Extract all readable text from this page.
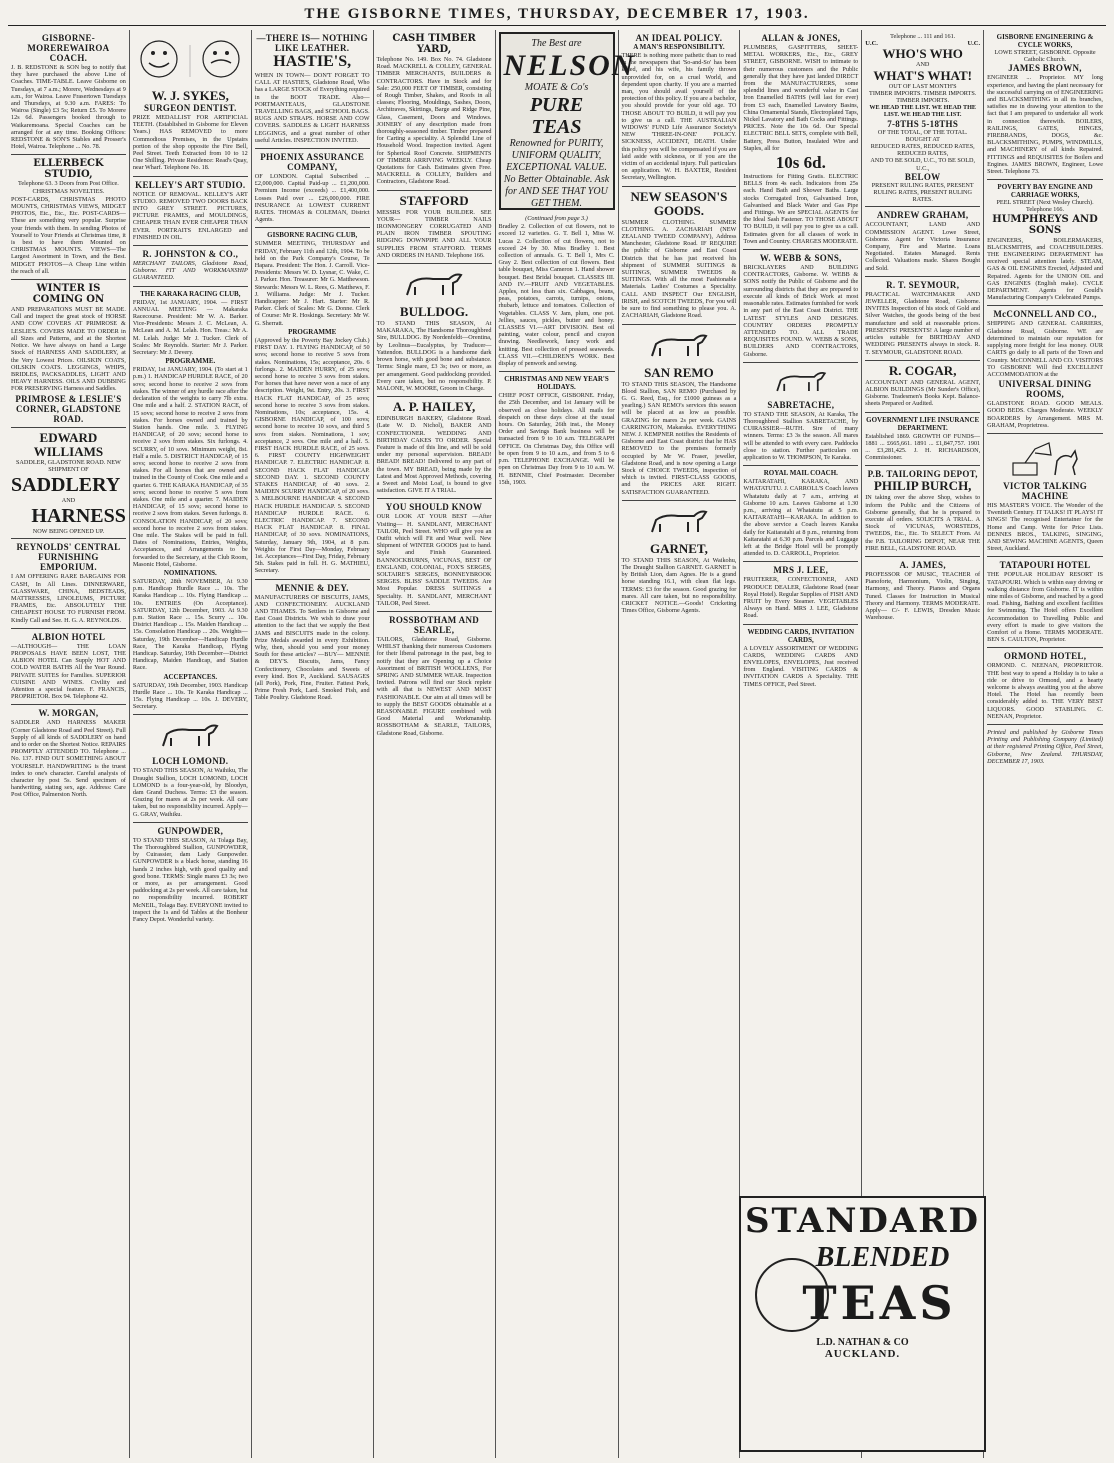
THE GISBORNE TIMES, THURSDAY, DECEMBER 17, 1903.
GISBORNE-MOREREWAIROA COACH.
J. B. REDSTONE & SON beg to notify that they have purchased the above Line of Coaches. TIME-TABLE. Leave Gisborne on Tuesdays, at 7 a.m.; Morere, Wednesdays at 9 a.m., for Wairoa. Leave Frasertown Tuesdays and Thursdays, at 9.30 a.m. FARES: To Wairoa (Single) £3 5s; Return £5. To Morere 12s 6d. Passengers booked through to Waikaremoana. Special Coaches can be arranged for at any time. Booking Offices: REDSTONE & SON'S Stables and Prosser's Hotel, Wairoa. Telephone ... No. 78.
ELLERBECK STUDIO,
Telephone 63. 3 Doors from Post Office. CHRISTMAS NOVELTIES.
POST-CARDS, CHRISTMAS PHOTO MOUNTS, CHRISTMAS VIEWS, MIDGET PHOTOS, Etc., Etc., Etc. POST-CARDS—These are something very popular. Surprise your friends with them. In sending Photos of Yourself to Your Friends at Christmas time, it is best to have them Mounted on CHRISTMAS MOUNTS. VIEWS—The Largest Assortment in Town, and the Best. MIDGET PHOTOS—A Cheap Line within the reach of all.
WINTER IS COMING ON
AND PREPARATIONS MUST BE MADE. Call and inspect the great stock of HORSE AND COW COVERS AT PRIMROSE & LESLIE'S. COVERS MADE TO ORDER in all Sizes and Patterns, and at the Shortest Notice. We have always on hand a Large Stock of HARNESS AND SADDLERY, at the Very Lowest Prices. OILSKIN COATS, OILSKIN COATS. LEGGINGS, WHIPS, BRIDLES, PACKSADDLES, LIGHT AND HEAVY HARNESS. OILS AND DUBBING FOR PRESERVING Harness and Saddles.
PRIMROSE & LESLIE'S CORNER, GLADSTONE ROAD.
EDWARD WILLIAMS
SADDLER, GLADSTONE ROAD. NEW SHIPMENT OF
SADDLERY
AND
HARNESS
NOW BEING OPENED UP.
REYNOLDS' CENTRAL FURNISHING EMPORIUM.
I AM OFFERING RARE BARGAINS FOR CASH, In All Lines. DINNERWARE, GLASSWARE, CHINA, BEDSTEADS, MATTRESSES, LINOLEUMS, PICTURE FRAMES, Etc. ABSOLUTELY THE CHEAPEST HOUSE TO FURNISH FROM. Kindly Call and See. H. G. A. REYNOLDS.
ALBION HOTEL
—ALTHOUGH— THE LOAN PROPOSALS HAVE BEEN LOST, THE ALBION HOTEL Can Supply HOT AND COLD WATER BATHS All the Year Round. PRIVATE SUITES for Families. SUPERIOR CUISINE AND WINES. Civility and Attention a special feature. F. FRANCIS, PROPRIETOR. Box 94. Telephone 42.
W. MORGAN,
SADDLER AND HARNESS MAKER (Corner Gladstone Road and Peel Street). Full Supply of all kinds of SADDLERY on hand and to order on the Shortest Notice. REPAIRS PROMPTLY ATTENDED TO. Telephone ... No. 137. FIND OUT SOMETHING ABOUT YOURSELF. HANDWRITING is the truest index to one's character. Careful analysis of character by post 5s. Send specimen of handwriting, stating sex, age. Address: Care Post Office, Palmerston North.
W. J. SYKES,
SURGEON DENTIST.
PRIZE MEDALLIST FOR ARTIFICIAL TEETH. (Established in Gisborne for Eleven Years.) HAS REMOVED to more Commodious Premises, in the Upstairs portion of the shop opposite the Fire Bell, Peel Street. Teeth Extracted from 10 to 12 One Shilling. Private Residence: Read's Quay, near Wharf. Telephone No. 18.
KELLEY'S ART STUDIO.
NOTICE OF REMOVAL. KELLEY'S ART STUDIO. REMOVED TWO DOORS BACK INTO GREY STREET. PICTURES, PICTURE FRAMES, and MOULDINGS, CHEAPER THAN EVER CHEAPER THAN EVER. PORTRAITS ENLARGED and FINISHED IN OIL.
R. JOHNSTON & CO.,
MERCHANT TAILORS, Gladstone Road, Gisborne. FIT AND WORKMANSHIP GUARANTEED.
THE KARAKA RACING CLUB,
FRIDAY, 1st JANUARY, 1904. — FIRST ANNUAL MEETING — Makaraka Racecourse. President: Mr W. A. Barker. Vice-Presidents: Messrs J. C. McLean, A. McLean and A. M. Lelah. Hon. Treas.: Mr A. M. Lelah. Judge: Mr J. Tucker. Clerk of Scales: Mr Reynolds. Starter: Mr J. Parker. Secretary: Mr J. Devery.
PROGRAMME.
FRIDAY, 1st JANUARY, 1904. (To start at 1 p.m.) 1. HANDICAP HURDLE RACE, of 20 sovs; second horse to receive 2 sovs from stakes. The winner of any hurdle race after the declaration of the weights to carry 7lb extra. One mile and a half. 2. STATION RACE, of 15 sovs; second horse to receive 2 sovs from stakes. For horses owned and trained by Station hands. One mile. 3. FLYING HANDICAP, of 20 sovs; second horse to receive 2 sovs from stakes. Six furlongs. 4. SCURRY, of 10 sovs. Minimum weight, 8st. Half a mile. 5. DISTRICT HANDICAP, of 15 sovs; second horse to receive 2 sovs from stakes. For all horses that are owned and trained in the County of Cook. One mile and a quarter. 6. THE KARAKA HANDICAP, of 35 sovs; second horse to receive 5 sovs from stakes. One mile and a quarter. 7. MAIDEN HANDICAP, of 15 sovs; second horse to receive 2 sovs from stakes. Seven furlongs. 8. CONSOLATION HANDICAP, of 20 sovs; second horse to receive 2 sovs from stakes. One mile. The Stakes will be paid in full. Dates of Nominations, Entries, Weights, Acceptances, and Arrangements to be forwarded to the Secretary, at the Club Room, Masonic Hotel, Gisborne.
NOMINATIONS.
SATURDAY, 28th NOVEMBER, At 9.30 p.m. Handicap Hurdle Race ... 10s. The Karaka Handicap ... 10s. Flying Handicap ... 10s. ENTRIES (On Acceptance). SATURDAY, 12th December, 1903. At 9.30 p.m. Station Race ... 15s. Scurry ... 10s. District Handicap ... 15s. Maiden Handicap ... 15s. Consolation Handicap ... 20s. Weights—Saturday, 19th December—Handicap Hurdle Race, The Karaka Handicap, Flying Handicap. Saturday, 19th December—District Handicap, Maiden Handicap, and Station Race.
ACCEPTANCES.
SATURDAY, 19th December, 1903. Handicap Hurdle Race ... 10s. Te Karaka Handicap ... 15s. Flying Handicap ... 10s. J. DEVERY, Secretary.
LOCH LOMOND.
TO STAND THIS SEASON, At Waihiku, The Draught Stallion, LOCH LOMOND, LOCH LOMOND is a four-year-old, by Bloodyn, dam Grand Duchess. Terms: £3 the season. Grazing for mares at 2s per week. All care taken, but no responsibility incurred. Apply— G. GRAY, Waihiku.
GUNPOWDER,
TO STAND THIS SEASON, At Tolaga Bay, The Thoroughbred Stallion, GUNPOWDER, by Cuirassier, dam Lady Gunpowder. GUNPOWDER is a black horse, standing 16 hands 2 inches high, with good quality and good bone. TERMS: Single mares £3 3s; two or more, as per arrangement. Good paddocking at 2s per week. All care taken, but no responsibility incurred. ROBERT McNEIL, Tolaga Bay. EVERYONE invited to inspect the 1s and 6d Tables at the Bonheur Fancy Depot. Wonderful variety.
—THERE IS— NOTHING LIKE LEATHER.
HASTIE'S,
WHEN IN TOWN— DON'T FORGET TO CALL AT HASTIE'S, Gladstone Road, Who has a LARGE STOCK of Everything required in the BOOT TRADE. Also— PORTMANTEAUS, GLADSTONE TRAVELLING BAGS, and SCHOOL BAGS. RUGS AND STRAPS. HORSE AND COW COVERS. SADDLES & LIGHT HARNESS LEGGINGS, and a great number of other useful Articles. INSPECTION INVITED.
PHOENIX ASSURANCE COMPANY,
OF LONDON. Capital Subscribed ... £2,000,000. Capital Paid-up ... £1,200,000. Premium Income (exceeds) ... £1,400,000. Losses Paid over ... £26,000,000. FIRE INSURANCE At LOWEST CURRENT RATES. THOMAS & COLEMAN, District Agents.
GISBORNE RACING CLUB,
SUMMER MEETING, THURSDAY and FRIDAY, February 11th and 12th, 1904. To be held on the Park Company's Course, Te Hapara. President: The Hon. J. Carroll. Vice-Presidents: Messrs W. D. Lysnar, C. Wake, C. J. Parker. Hon. Treasurer: Mr G. Matthewson. Stewards: Messrs W. L. Rees, G. Matthews, F. J. Williams. Judge: Mr J. Tucker. Handicapper: Mr J. Hart. Starter: Mr R. Parker. Clerk of Scales: Mr G. Donne. Clerk of Course: Mr R. Hoskings. Secretary: Mr W. G. Sherratt.
PROGRAMME
(Approved by the Poverty Bay Jockey Club.) FIRST DAY. 1. FLYING HANDICAP, of 50 sovs; second horse to receive 5 sovs from stakes. Nominations, 15s; acceptance, 20s. 6 furlongs. 2. MAIDEN HURRY, of 25 sovs; second horse to receive 3 sovs from stakes. For horses that have never won a race of any description. Weight, 9st. Entry, 20s. 3. FIRST HACK FLAT HANDICAP, of 25 sovs; second horse to receive 3 sovs from stakes. Nominations, 10s; acceptance, 15s. 4. GISBORNE HANDICAP, of 100 sovs; second horse to receive 10 sovs, and third 5 sovs from stakes. Nominations, 1 sov; acceptance, 2 sovs. One mile and a half. 5. FIRST HACK HURDLE RACE, of 25 sovs. 6. FIRST COUNTY HIGHWEIGHT HANDICAP. 7. ELECTRIC HANDICAP. 8. SECOND HACK FLAT HANDICAP. SECOND DAY. 1. SECOND COUNTY STAKES HANDICAP, of 40 sovs. 2. MAIDEN SCURRY HANDICAP, of 20 sovs. 3. MELBOURNE HANDICAP. 4. SECOND HACK HURDLE HANDICAP. 5. SECOND HANDICAP HURDLE RACE. 6. ELECTRIC HANDICAP. 7. SECOND HACK FLAT HANDICAP. 8. FINAL HANDICAP, of 30 sovs. NOMINATIONS, Saturday, January 9th, 1904, at 8 p.m. Weights for First Day—Monday, February 1st. Acceptances—First Day, Friday, February 5th. Stakes paid in full. H. G. MATHIEU, Secretary.
MENNIE & DEY.
MANUFACTURERS OF BISCUITS, JAMS, AND CONFECTIONERY. AUCKLAND AND THAMES. To Settlers in Gisborne and East Coast Districts. We wish to draw your attention to the fact that we supply the Best JAMS and BISCUITS made in the colony. Prize Medals awarded in every Exhibition. Why, then, should you send your money South for these articles? —BUY— MENNIE & DEY'S. Biscuits, Jams, Fancy Confectionery, Chocolates and Sweets of every kind. Box P., Auckland. SAUSAGES (all Pork), Pork, Fine, Fruiter. Fattest Pork, Prime Fresh Pork, Lard. Smoked Fish, and Table Poultry. Gladstone Road.
CASH TIMBER YARD,
Telephone No. 149. Box No. 74. Gladstone Road. MACKRELL & COLLEY, GENERAL TIMBER MERCHANTS, BUILDERS & CONTRACTORS. Have in Stock and for Sale: 250,000 FEET OF TIMBER, consisting of Rough Timber, Shakes, and Roofs in all classes; Flooring, Mouldings, Sashes, Doors, Architraves, Skirtings, Barge and Ridge Pine, Glass, Casement, Doors and Windows. JOINERY of any description made from thoroughly-seasoned timber. Timber prepared for Carting a speciality. A Splendid Line of Household Wood. Inspection invited. Agent for Spherical Roof Concrete. SHIPMENTS OF TIMBER ARRIVING WEEKLY. Cheap Quotations for Cash. Estimates given Free. MACKRELL & COLLEY, Builders and Contractors, Gladstone Road.
STAFFORD
MESSRS FOR YOUR BUILDER. SEE YOUR— TIMBER NAILS IRONMONGERY CORRUGATED AND PLAIN IRON TIMBER SPOUTING RIDGING DOWNPIPE AND ALL YOUR SUPPLIES FROM STAFFORD. TERMS AND ORDERS IN HAND. Telephone 166.
BULLDOG.
TO STAND THIS SEASON, At MAKARAKA, The Handsome Thoroughbred Sire, BULLDOG. By Nordenfeldt—Orentina, by Leolinus—Eucalyptus, by Traducer—Yattendon. BULLDOG is a handsome dark brown horse, with good bone and substance. Terms: Single mare, £3 3s; two or more, as per arrangement. Good paddocking provided. Every care taken, but no responsibility. P. MALONE, W. MOORE, Groom in Charge.
A. P. HAILEY,
EDINBURGH BAKERY, Gladstone Road. (Late W. D. Nichol), BAKER AND CONFECTIONER. WEDDING AND BIRTHDAY CAKES TO ORDER. Special Feature is made of this line, and will be sold under my personal supervision. BREAD! BREAD! BREAD! Delivered to any part of the town. MY BREAD, being made by the Latest and Most Approved Methods, covering a Sweet and Moist Loaf, is bound to give satisfaction. GIVE IT A TRIAL.
YOU SHOULD KNOW
OUR LOOK AT YOUR BEST —After Visiting— H. SANDLANT, MERCHANT TAILOR, Peel Street. WHO will give you an Outfit which will Fit and Wear well. New Shipment of WINTER GOODS just to hand. Style and Finish Guaranteed. BANNOCKBURNS, VICUNAS, BEST OF ENGLAND, COLONIAL, FOX'S SERGES, SOLTAIRE'S SERGES, BONNEYBROOK SERGES. BLISS' SADDLE TWEEDS. Are Most Popular. DRESS SUITINGS a Speciality. H. SANDLANT, MERCHANT TAILOR, Peel Street.
ROSSBOTHAM AND SEARLE,
TAILORS, Gladstone Road, Gisborne. WHILST thanking their numerous Customers for their liberal patronage in the past, beg to notify that they are Opening up a Choice Assortment of BRITISH WOOLLENS, For SPRING AND SUMMER WEAR. Inspection Invited. Patrons will find our Stock replete with all that is NEWEST AND MOST FASHIONABLE. Our aim at all times will be to supply the BEST GOODS obtainable at a REASONABLE FIGURE combined with Good Material and Workmanship. ROSSBOTHAM & SEARLE, TAILORS, Gladstone Road, Gisborne.
The Best are
NELSON
MOATE & Co's
PURE TEAS
Renowned for PURITY, UNIFORM QUALITY, EXCEPTIONAL VALUE. No Better Obtainable. Ask for AND SEE THAT YOU GET THEM.
(Continued from page 3.)
Bradley 2. Collection of cut flowers, not to exceed 12 varieties. G. T. Bell 1, Miss W. Lucas 2. Collection of cut flowers, not to exceed 24 by 30. Miss Bradley 1. Best collection of annuals. G. T. Bell 1, Mrs C. Gray 2. Best collection of cut flowers. Best table bouquet, Miss Cameron 1. Hand shower bouquet. Best Bridal bouquet. CLASSES III. AND IV.—FRUIT AND VEGETABLES. Apples, not less than six. Cabbages, beans, peas, potatoes, carrots, turnips, onions, rhubarb, lettuce and tomatoes. Collection of Vegetables. CLASS V. Jam, plum, one pot. Jellies, sauces, pickles, butter and honey. CLASSES VI.—ART DIVISION. Best oil painting, water colour, pencil and crayon drawing. Needlework, fancy work and knitting. Best collection of pressed seaweeds. CLASS VII.—CHILDREN'S WORK. Best display of penwork and sewing.
CHRISTMAS AND NEW YEAR'S HOLIDAYS.
CHIEF POST OFFICE, GISBORNE. Friday, the 25th December, and 1st January will be observed as close holidays. All mails for despatch on these days close at the usual hours. On Saturday, 26th inst., the Money Order and Savings Bank business will be transacted from 9 to 10 a.m. TELEGRAPH OFFICE. On Christmas Day, this Office will be open from 9 to 10 a.m., and from 5 to 6 p.m. TELEPHONE EXCHANGE. Will be open on Christmas Day from 9 to 10 a.m. W. H. BENNIE, Chief Postmaster. December 15th, 1903.
AN IDEAL POLICY.
A MAN'S RESPONSIBILITY.
THERE is nothing more pathetic than to read in the newspapers that 'So-and-So' has been killed, and his wife, his family thrown unprovided for, on a cruel World, and dependent upon charity. If you are a married man, you should avail yourself of the protection of this policy. If you are a bachelor, you should provide for your old age. TO THOSE ABOUT TO BUILD, it will pay you to give us a call. THE AUSTRALIAN WIDOWS' FUND Life Assurance Society's NEW 'THREE-IN-ONE' POLICY. SICKNESS, ACCIDENT, DEATH. Under this policy you will be compensated if you are laid aside with sickness, or if you are the victim of an accidental injury. Full particulars on application. W. H. BAXTER, Resident Secretary, Wellington.
NEW SEASON'S GOODS.
SUMMER CLOTHING. SUMMER CLOTHING. A. ZACHARIAH (NEW ZEALAND TWEED COMPANY), Address Manchester, Gladstone Road. IF REQUIRE the public of Gisborne and East Coast Districts that he has just received his shipment of SUMMER SUITINGS & SUITINGS, SUMMER TWEEDS & SUITINGS. With all the most Fashionable Materials. Ladies' Costumes a Speciality. CALL AND INSPECT Our ENGLISH, IRISH, and SCOTCH TWEEDS, For you will be sure to find something to please you. A. ZACHARIAH, Gladstone Road.
SAN REMO
TO STAND THIS SEASON, The Handsome Blood Stallion, SAN REMO (Purchased by G. G. Reed, Esq., for £1000 guineas as a yearling.) SAN REMO's services this season will be placed at as low as possible. GRAZING for mares 2s per week. GAINS CARRINGTON, Makaraka. EVERYTHING NEW. J. KEMPNER notifies the Residents of Gisborne and East Coast district that he HAS REMOVED to the premises formerly occupied by Mr W. Fraser, jeweller, Gladstone Road, and is now opening a Large Stock of CHOICE TWEEDS, inspection of which is invited. FIRST-CLASS GOODS, and the PRICES ARE RIGHT. SATISFACTION GUARANTEED.
GARNET,
TO STAND THIS SEASON, At Waikohu, The Draught Stallion GARNET. GARNET is by British Lion, dam Agnes. He is a grand horse standing 16.1, with clean flat legs. TERMS: £3 for the season. Good grazing for mares. All care taken, but no responsibility. CRICKET NOTICE.—Goods! Cricketing Times Office, Gisborne Agents.
ALLAN & JONES,
PLUMBERS, GASFITTERS, SHEET-METAL WORKERS, Etc., Etc., GREY STREET, GISBORNE. WISH to intimate to their numerous customers and the Public generally that they have just landed DIRECT from the MANUFACTURERS, some splendid lines and wonderful value in Cast Iron Enamelled BATHS (will last for ever) from £3 each, Enamelled Lavatory Basins, China Ornamental Stands, Electroplated Taps, Nickel Lavatory and Bath Cocks and Fittings. PRICES. Note the 10s 6d. Our Special ELECTRIC BELL SETS, complete with Bell, Battery, Press Button, Insulated Wire and Staples, all for
10s 6d.
Instructions for Fitting Gratis. ELECTRIC BELLS from 4s each. Indicators from 25s each. Hand Bath and Shower Baths. Large stocks Corrugated Iron, Galvanised Iron, Galvanised and Black Water and Gas Pipe and Fittings. We are SPECIAL AGENTS for the Ideal Sash Fastener. TO THOSE ABOUT TO BUILD, it will pay you to give us a call. Estimates given for all classes of work in Town and Country. CHARGES MODERATE.
W. WEBB & SONS,
BRICKLAYERS AND BUILDING CONTRACTORS, Gisborne. W. WEBB & SONS notify the Public of Gisborne and the surrounding districts that they are prepared to execute all kinds of Brick Work at most reasonable rates. Estimates furnished for work in any part of the East Coast District. THE LATEST STYLES AND DESIGNS. COUNTRY ORDERS PROMPTLY ATTENDED TO. ALL TRADE REQUISITES FOUND. W. WEBB & SONS, BUILDERS AND CONTRACTORS, Gisborne.
SABRETACHE,
TO STAND THE SEASON, At Karaka, The Thoroughbred Stallion SABRETACHE, by CUIRASSIER—RUTH. Sire of many winners. Terms: £3 3s the season. All mares will be attended to with every care. Paddocks close to station. Further particulars on application to W. THOMPSON, Te Karaka.
ROYAL MAIL COACH.
KAITARATAHI, KARAKA, AND WHATATUTU. J. CARROLL'S Coach leaves Whatatutu daily at 7 a.m., arriving at Gisborne 10 a.m. Leaves Gisborne at 1.30 p.m., arriving at Whatatutu at 5 p.m. KAITARATAHI—KARAKA. In addition to the above service a Coach leaves Karaka daily for Kaitaratahi at 8 p.m., returning from Kaitaratahi at 6.30 p.m. Parcels and Luggage left at the Bridge Hotel will be promptly attended to. D. CARROLL, Proprietor.
MRS J. LEE,
FRUITERER, CONFECTIONER, AND PRODUCE DEALER, Gladstone Road (near Royal Hotel). Regular Supplies of FISH AND FRUIT by Every Steamer. VEGETABLES Always on Hand. MRS J. LEE, Gladstone Road.
WEDDING CARDS, INVITATION CARDS,
A LOVELY ASSORTMENT OF WEDDING CARDS, WEDDING CARDS AND ENVELOPES, ENVELOPES, Just received from England. VISITING CARDS & INVITATION CARDS A Speciality. THE TIMES OFFICE, Peel Street.
Telephone ... 111 and 161.
U.C.	U.C.
WHO'S WHO
AND
WHAT'S WHAT!
OUT OF LAST MONTH'S
TIMBER IMPORTS. TIMBER IMPORTS. TIMBER IMPORTS.
WE HEAD THE LIST. WE HEAD THE LIST. WE HEAD THE LIST.
7-8THS 5-18THS
OF THE TOTAL, OF THE TOTAL.
BOUGHT AT
REDUCED RATES, REDUCED RATES, REDUCED RATES,
AND TO BE SOLD, U.C., TO BE SOLD, U.C.,
BELOW
PRESENT RULING RATES, PRESENT RULING RATES, PRESENT RULING RATES.
ANDREW GRAHAM,
ACCOUNTANT, LAND AND COMMISSION AGENT. Lowe Street, Gisborne. Agent for Victoria Insurance Company, Fire and Marine. Loans Negotiated. Estates Managed. Rents Collected. Valuations made. Shares Bought and Sold.
R. T. SEYMOUR,
PRACTICAL WATCHMAKER AND JEWELLER, Gladstone Road, Gisborne. INVITES Inspection of his stock of Gold and Silver Watches, the goods being of the best manufacture and sold at reasonable prices. PRESENTS! PRESENTS! A large number of articles suitable for BIRTHDAY AND WEDDING PRESENTS always in stock. R. T. SEYMOUR, GLADSTONE ROAD.
R. COGAR,
ACCOUNTANT AND GENERAL AGENT, ALBION BUILDINGS (Mr Sunder's Office), Gisborne. Tradesmen's Books Kept. Balance-sheets Prepared or Audited.
GOVERNMENT LIFE INSURANCE DEPARTMENT.
Established 1869. GROWTH OF FUNDS— 1881 ... £665,661. 1891 ... £1,847,757. 1901 ... £3,281,425. J. H. RICHARDSON, Commissioner.
P.B. TAILORING DEPOT,
PHILIP BURCH,
IN taking over the above Shop, wishes to inform the Public and the Citizens of Gisborne generally, that he is prepared to execute all orders. SOLICITS A TRIAL. A Stock of VICUNAS, WORSTEDS, TWEEDS, Etc., Etc. To SELECT From. At the P.B. TAILORING DEPOT, NEAR THE FIRE BELL, GLADSTONE ROAD.
A. JAMES,
PROFESSOR OF MUSIC, TEACHER of Pianoforte, Harmonium, Violin, Singing, Harmony, and Theory. Pianos and Organs Tuned. Classes for Instruction in Musical Theory and Harmony. TERMS MODERATE. Apply— C/- F. LEWIS, Dresden Music Warehouse.
GISBORNE ENGINEERING & CYCLE WORKS,
LOWE STREET, GISBORNE. Opposite Catholic Church.
JAMES BROWN,
ENGINEER ... Proprietor. MY long experience, and having the plant necessary for the successful carrying on of ENGINEERING and BLACKSMITHING in all its branches, satisfies me in drawing your attention to the fact that I am prepared to undertake all work in connection therewith. BOILERS, RAILINGS, GATES, HINGES, FIREBRANDS, DOGS, &c. BLACKSMITHING, PUMPS, WINDMILLS, and MACHINERY of all kinds Repaired. FITTINGS and REQUISITES for Boilers and Engines. JAMES BROWN, Engineer, Lowe Street. Telephone 73.
POVERTY BAY ENGINE AND CARRIAGE WORKS,
PEEL STREET (Next Wesley Church). Telephone 166.
HUMPHREYS AND SONS
ENGINEERS, BOILERMAKERS, BLACKSMITHS, and COACHBUILDERS. THE ENGINEERING DEPARTMENT has received special attention lately. STEAM, GAS & OIL ENGINES Erected, Adjusted and Repaired. Agents for the UNION OIL and GAS ENGINES (English make). CYCLE DEPARTMENT. Agents for Gould's Manufacturing Company's Celebrated Pumps.
McCONNELL AND CO.,
SHIPPING AND GENERAL CARRIERS, Gladstone Road, Gisborne. WE are determined to maintain our reputation for supplying more freight for less money. OUR CARTS go daily to all parts of the Town and Country. McCONNELL AND CO. VISITORS TO GISBORNE Will find EXCELLENT ACCOMMODATION at the
UNIVERSAL DINING ROOMS,
GLADSTONE ROAD. GOOD MEALS. GOOD BEDS. Charges Moderate. WEEKLY BOARDERS by Arrangement. MRS M. GRAHAM, Proprietress.
VICTOR TALKING MACHINE
HIS MASTER'S VOICE. The Wonder of the Twentieth Century. IT TALKS! IT PLAYS! IT SINGS! The recognised Entertainer for the Home and Camp. Write for Price Lists. DENNES BROS., TALKING, SINGING, AND SEWING MACHINE AGENTS, Queen Street, Auckland.
TATAPOURI HOTEL
THE POPULAR HOLIDAY RESORT IS TATAPOURI. Which is within easy driving or walking distance from Gisborne. IT is within nine miles of Gisborne, and reached by a good road. Fishing, Bathing and excellent facilities for Swimming. The Hotel offers Excellent Accommodation to Travelling Public and every effort is made to give visitors the Comfort of a Home. TERMS MODERATE. BEN S. CAULTON, Proprietor.
ORMOND HOTEL,
ORMOND. C. NEENAN, PROPRIETOR. THE best way to spend a Holiday is to take a ride or drive to Ormond, and a hearty welcome is always awaiting you at the above Hotel. The Hotel has recently been considerably added to. THE VERY BEST LIQUORS. GOOD STABLING. C. NEENAN, Proprietor.
Printed and published by Gisborne Times Printing and Publishing Company (Limited) at their registered Printing Office, Peel Street, Gisborne, New Zealand. THURSDAY, DECEMBER 17, 1903.
STANDARD
BLENDED
TEAS
L.D. NATHAN & CO
AUCKLAND.
